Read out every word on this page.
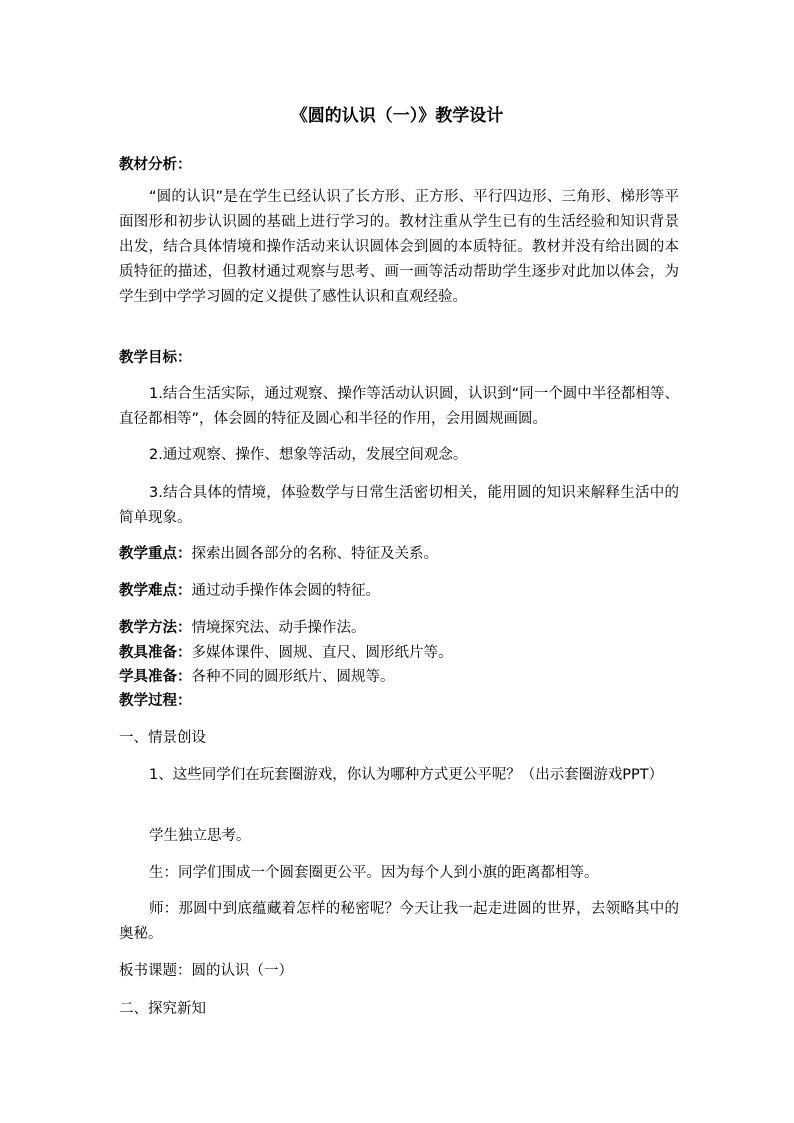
《圆的认识（一）》教学设计

教材分析：

“圆的认识”是在学生已经认识了长方形、正方形、平行四边形、三角形、梯形等平面图形和初步认识圆的基础上进行学习的。教材注重从学生已有的生活经验和知识背景出发，结合具体情境和操作活动来认识圆体会到圆的本质特征。教材并没有给出圆的本质特征的描述，但教材通过观察与思考、画一画等活动帮助学生逐步对此加以体会，为学生到中学学习圆的定义提供了感性认识和直观经验。

教学目标：

1.结合生活实际，通过观察、操作等活动认识圆，认识到“同一个圆中半径都相等、直径都相等”，体会圆的特征及圆心和半径的作用，会用圆规画圆。

2.通过观察、操作、想象等活动，发展空间观念。

3.结合具体的情境，体验数学与日常生活密切相关，能用圆的知识来解释生活中的简单现象。

教学重点：探索出圆各部分的名称、特征及关系。

教学难点：通过动手操作体会圆的特征。

教学方法：情境探究法、动手操作法。

教具准备：多媒体课件、圆规、直尺、圆形纸片等。

学具准备：各种不同的圆形纸片、圆规等。

教学过程：

一、情景创设

1、这些同学们在玩套圈游戏，你认为哪种方式更公平呢？（出示套圈游戏PPT）

学生独立思考。

生：同学们围成一个圆套圈更公平。因为每个人到小旗的距离都相等。

师：那圆中到底蕴藏着怎样的秘密呢？今天让我一起走进圆的世界，去领略其中的奥秘。

板书课题：圆的认识（一）

二、探究新知
